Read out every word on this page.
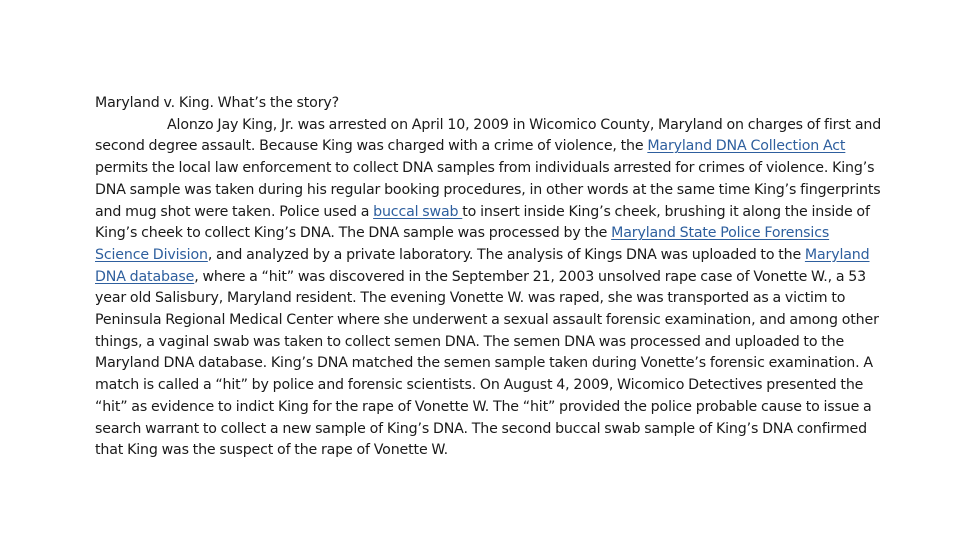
Maryland v. King. What’s the story?

Alonzo Jay King, Jr. was arrested on April 10, 2009 in Wicomico County, Maryland on charges of first and second degree assault. Because King was charged with a crime of violence, the Maryland DNA Collection Act permits the local law enforcement to collect DNA samples from individuals arrested for crimes of violence. King’s DNA sample was taken during his regular booking procedures, in other words at the same time King’s fingerprints and mug shot were taken. Police used a buccal swab to insert inside King’s cheek, brushing it along the inside of King’s cheek to collect King’s DNA. The DNA sample was processed by the Maryland State Police Forensics Science Division, and analyzed by a private laboratory. The analysis of Kings DNA was uploaded to the Maryland DNA database, where a “hit” was discovered in the September 21, 2003 unsolved rape case of Vonette W., a 53 year old Salisbury, Maryland resident. The evening Vonette W. was raped, she was transported as a victim to Peninsula Regional Medical Center where she underwent a sexual assault forensic examination, and among other things, a vaginal swab was taken to collect semen DNA. The semen DNA was processed and uploaded to the Maryland DNA database. King’s DNA matched the semen sample taken during Vonette’s forensic examination. A match is called a “hit” by police and forensic scientists. On August 4, 2009, Wicomico Detectives presented the “hit” as evidence to indict King for the rape of Vonette W. The “hit” provided the police probable cause to issue a search warrant to collect a new sample of King’s DNA. The second buccal swab sample of King’s DNA confirmed that King was the suspect of the rape of Vonette W.
